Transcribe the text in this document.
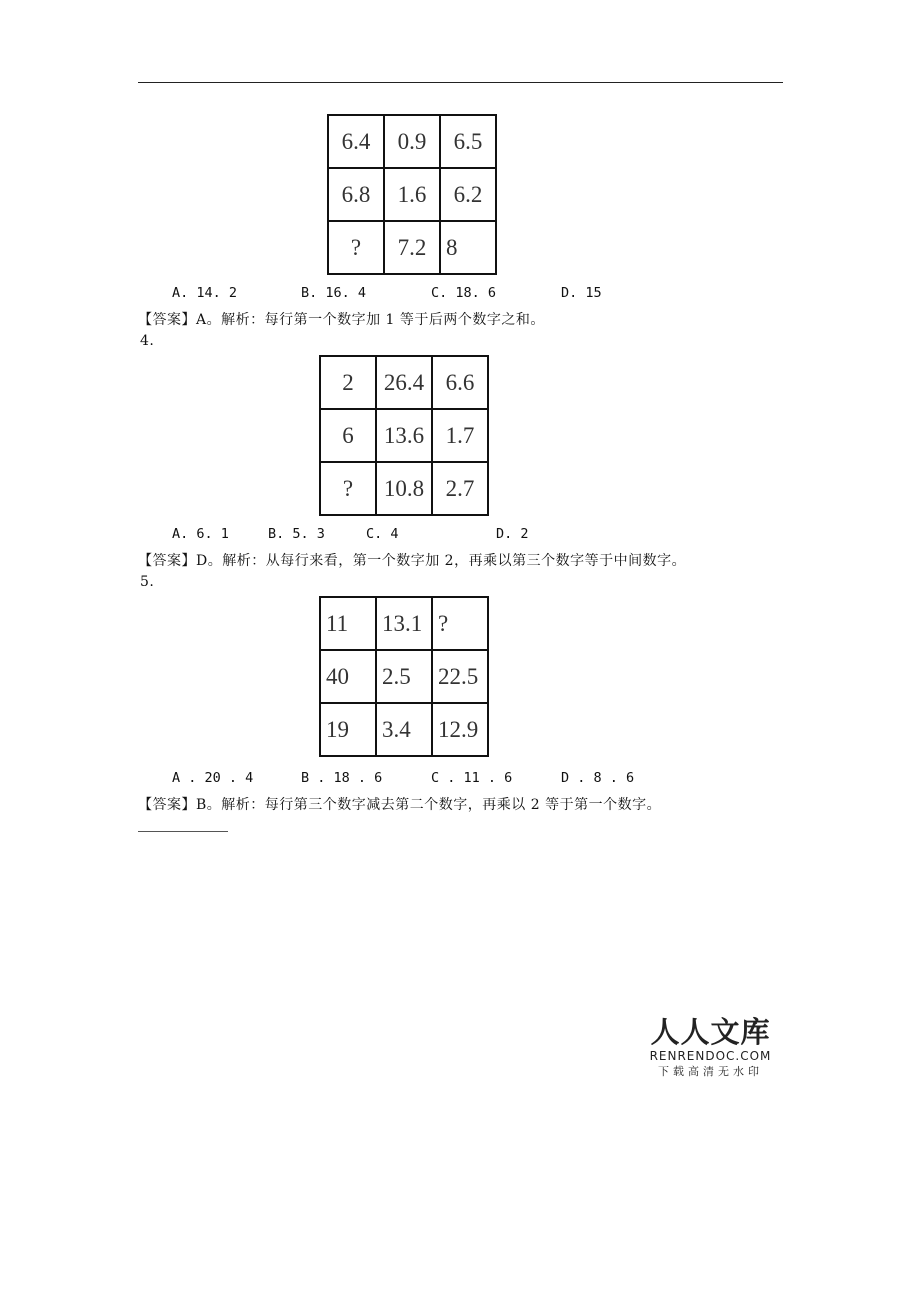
6.4	0.9	6.5
6.8	1.6	6.2
?	7.2	8
A. 14. 2	B. 16. 4	C. 18. 6	D. 15
【答案】A。解析：每行第一个数字加 1 等于后两个数字之和。
4.
2	26.4	6.6
6	13.6	1.7
?	10.8	2.7
A. 6. 1	B. 5. 3	C. 4	D. 2
【答案】D。解析：从每行来看，第一个数字加 2，再乘以第三个数字等于中间数字。
5.
11	13.1	?
40	2.5	22.5
19	3.4	12.9
A . 20 . 4	B . 18 . 6	C . 11 . 6	D . 8 . 6
【答案】B。解析：每行第三个数字减去第二个数字，再乘以 2 等于第一个数字。
人人文库
RENRENDOC.COM
下载高清无水印
